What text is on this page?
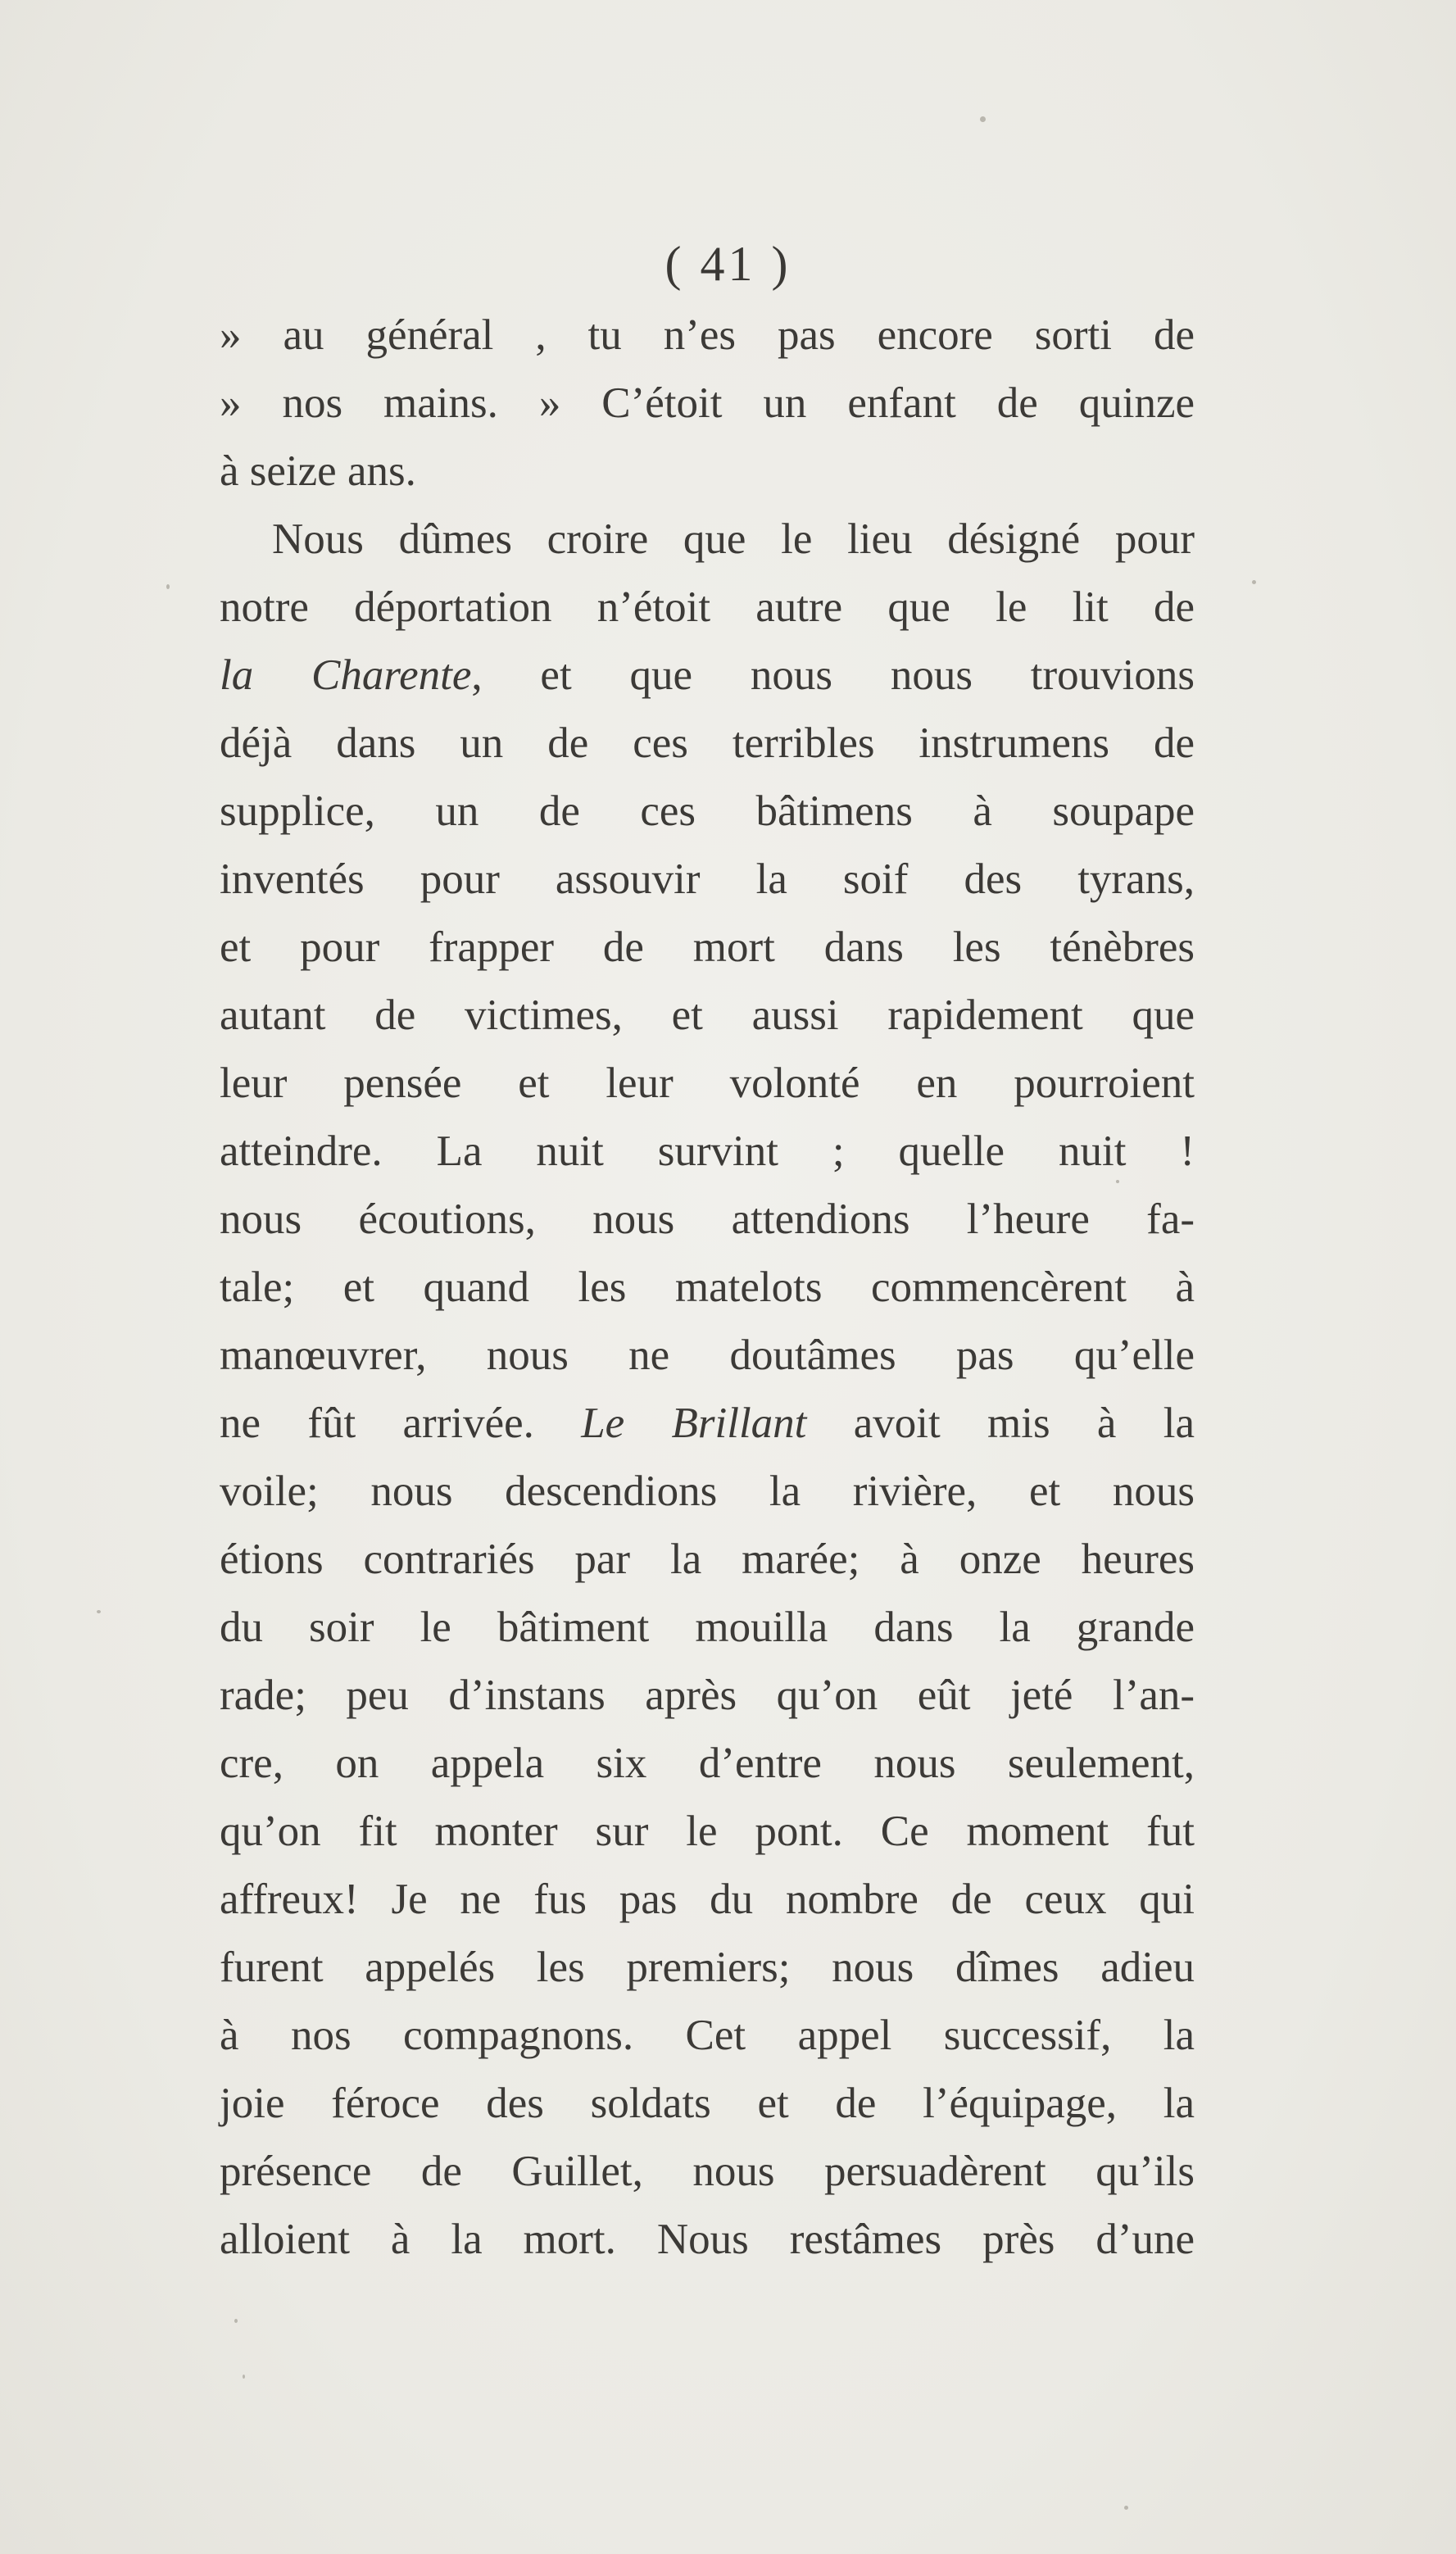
( 41 )
» au général , tu n’es pas encore sorti de
» nos mains. » C’étoit un enfant de quinze
à seize ans.
Nous dûmes croire que le lieu désigné pour
notre déportation n’étoit autre que le lit de
la Charente, et que nous nous trouvions
déjà dans un de ces terribles instrumens de
supplice, un de ces bâtimens à soupape
inventés pour assouvir la soif des tyrans,
et pour frapper de mort dans les ténèbres
autant de victimes, et aussi rapidement que
leur pensée et leur volonté en pourroient
atteindre. La nuit survint ; quelle nuit !
nous écoutions, nous attendions l’heure fa-
tale; et quand les matelots commencèrent à
manœuvrer, nous ne doutâmes pas qu’elle
ne fût arrivée. Le Brillant avoit mis à la
voile; nous descendions la rivière, et nous
étions contrariés par la marée; à onze heures
du soir le bâtiment mouilla dans la grande
rade; peu d’instans après qu’on eût jeté l’an-
cre, on appela six d’entre nous seulement,
qu’on fit monter sur le pont. Ce moment fut
affreux! Je ne fus pas du nombre de ceux qui
furent appelés les premiers; nous dîmes adieu
à nos compagnons. Cet appel successif, la
joie féroce des soldats et de l’équipage, la
présence de Guillet, nous persuadèrent qu’ils
alloient à la mort. Nous restâmes près d’une
